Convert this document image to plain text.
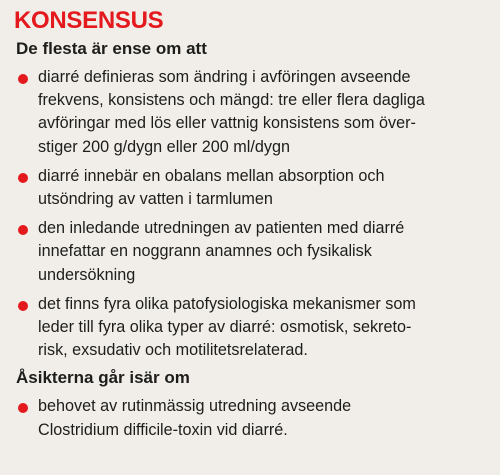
KONSENSUS
De flesta är ense om att
diarré definieras som ändring i avföringen avseende
frekvens, konsistens och mängd: tre eller flera dagliga
avföringar med lös eller vattnig konsistens som över-
stiger 200 g/dygn eller 200 ml/dygn
diarré innebär en obalans mellan absorption och
utsöndring av vatten i tarmlumen
den inledande utredningen av patienten med diarré
innefattar en noggrann anamnes och fysikalisk
undersökning
det finns fyra olika patofysiologiska mekanismer som
leder till fyra olika typer av diarré: osmotisk, sekreto-
risk, exsudativ och motilitetsrelaterad.
Åsikterna går isär om
behovet av rutinmässig utredning avseende
Clostridium difficile-toxin vid diarré.
